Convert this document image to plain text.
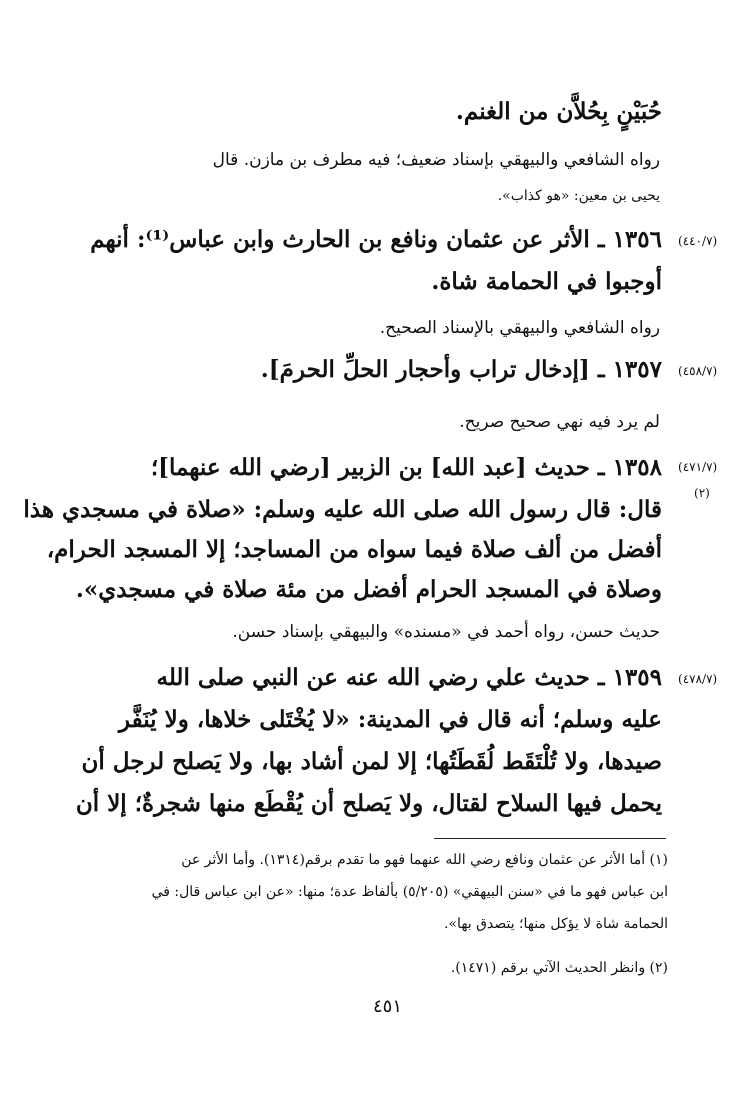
حُبَيْنٍ بِحُلاَّن من الغنم.

رواه الشافعي والبيهقي بإسناد ضعيف؛ فيه مطرف بن مازن. قال

يحيى بن معين: «هو كذاب».

(٤٤٠/٧)

١٣٥٦ ـ الأثر عن عثمان ونافع بن الحارث وابن عباس⁽¹⁾: أنهم

أوجبوا في الحمامة شاة.

رواه الشافعي والبيهقي بالإسناد الصحيح.

(٤٥٨/٧)

١٣٥٧ ـ [إدخال تراب وأحجار الحلِّ الحرمَ].

لم يرد فيه نهي صحيح صريح.

(٤٧١/٧)
(٢)

١٣٥٨ ـ حديث [عبد الله] بن الزبير [رضي الله عنهما]؛

قال: قال رسول الله صلى الله عليه وسلم: «صلاة في مسجدي هذا

أفضل من ألف صلاة فيما سواه من المساجد؛ إلا المسجد الحرام،

وصلاة في المسجد الحرام أفضل من مئة صلاة في مسجدي».

حديث حسن، رواه أحمد في «مسنده» والبيهقي بإسناد حسن.

(٤٧٨/٧)

١٣٥٩ ـ حديث علي رضي الله عنه عن النبي صلى الله

عليه وسلم؛ أنه قال في المدينة: «لا يُخْتَلى خلاها، ولا يُنَفَّر

صيدها، ولا تُلْتَقَط لُقَطَتُها؛ إلا لمن أشاد بها، ولا يَصلح لرجل أن

يحمل فيها السلاح لقتال، ولا يَصلح أن يُقْطَع منها شجرةٌ؛ إلا أن

(١) أما الأثر عن عثمان ونافع رضي الله عنهما فهو ما تقدم برقم(١٣١٤). وأما الأثر عن

ابن عباس فهو ما في «سنن البيهقي» (٥/٢٠٥) بألفاظ عدة؛ منها: «عن ابن عباس قال: في

الحمامة شاة لا يؤكل منها؛ يتصدق بها».

(٢) وانظر الحديث الآتي برقم (١٤٧١).

٤٥١
